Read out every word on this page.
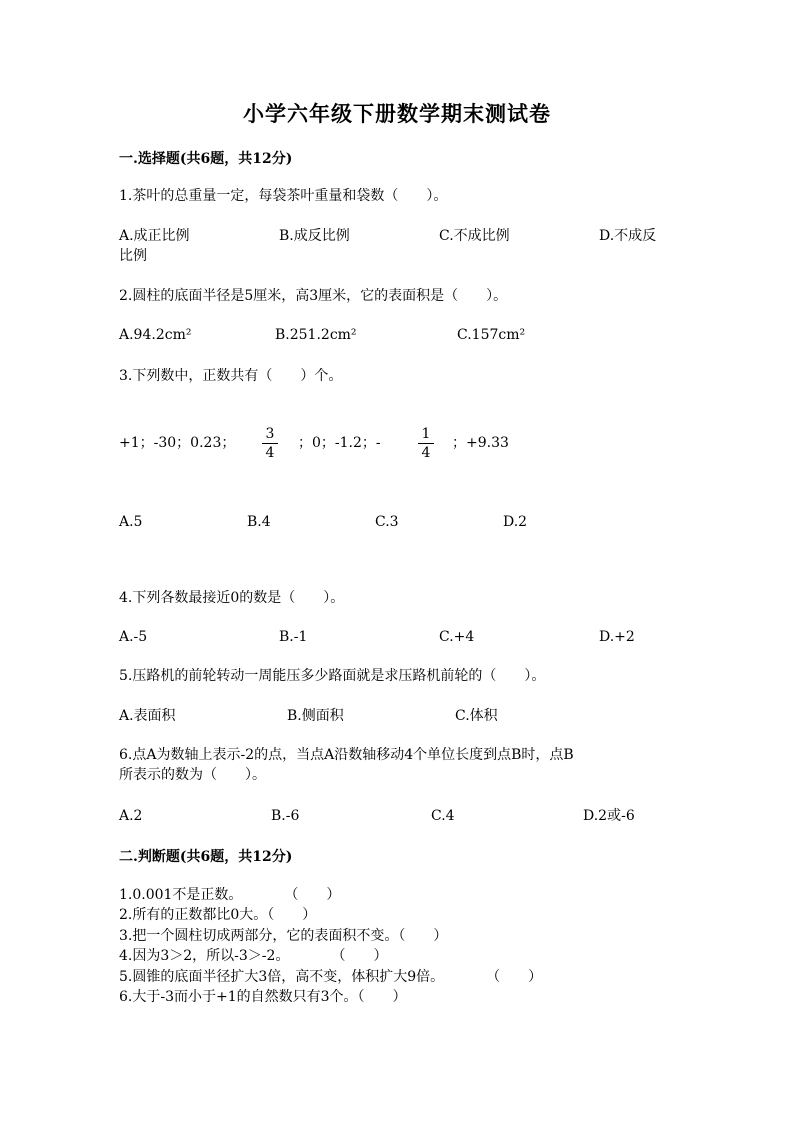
小学六年级下册数学期末测试卷
一.选择题(共6题，共12分)
1.茶叶的总重量一定，每袋茶叶重量和袋数（　　）。
A.成正比例	B.成反比例	C.不成比例	D.不成反
比例
2.圆柱的底面半径是5厘米，高3厘米，它的表面积是（　　）。
A.94.2cm²	B.251.2cm²	C.157cm²
3.下列数中，正数共有（　　）个。
+1；-30；0.23；
3
4
；0；-1.2；-
1
4
；+9.33
A.5	B.4	C.3	D.2
4.下列各数最接近0的数是（　　）。
A.-5	B.-1	C.+4	D.+2
5.压路机的前轮转动一周能压多少路面就是求压路机前轮的（　　）。
A.表面积	B.侧面积	C.体积
6.点A为数轴上表示-2的点，当点A沿数轴移动4个单位长度到点B时，点B
所表示的数为（　　）。
A.2	B.-6	C.4	D.2或-6
二.判断题(共6题，共12分)
1.0.001不是正数。　　　　（　　）
2.所有的正数都比0大。（　　）
3.把一个圆柱切成两部分，它的表面积不变。（　　）
4.因为3＞2，所以-3＞-2。　　　　（　　）
5.圆锥的底面半径扩大3倍，高不变，体积扩大9倍。　　　　（　　）
6.大于-3而小于+1的自然数只有3个。（　　）
